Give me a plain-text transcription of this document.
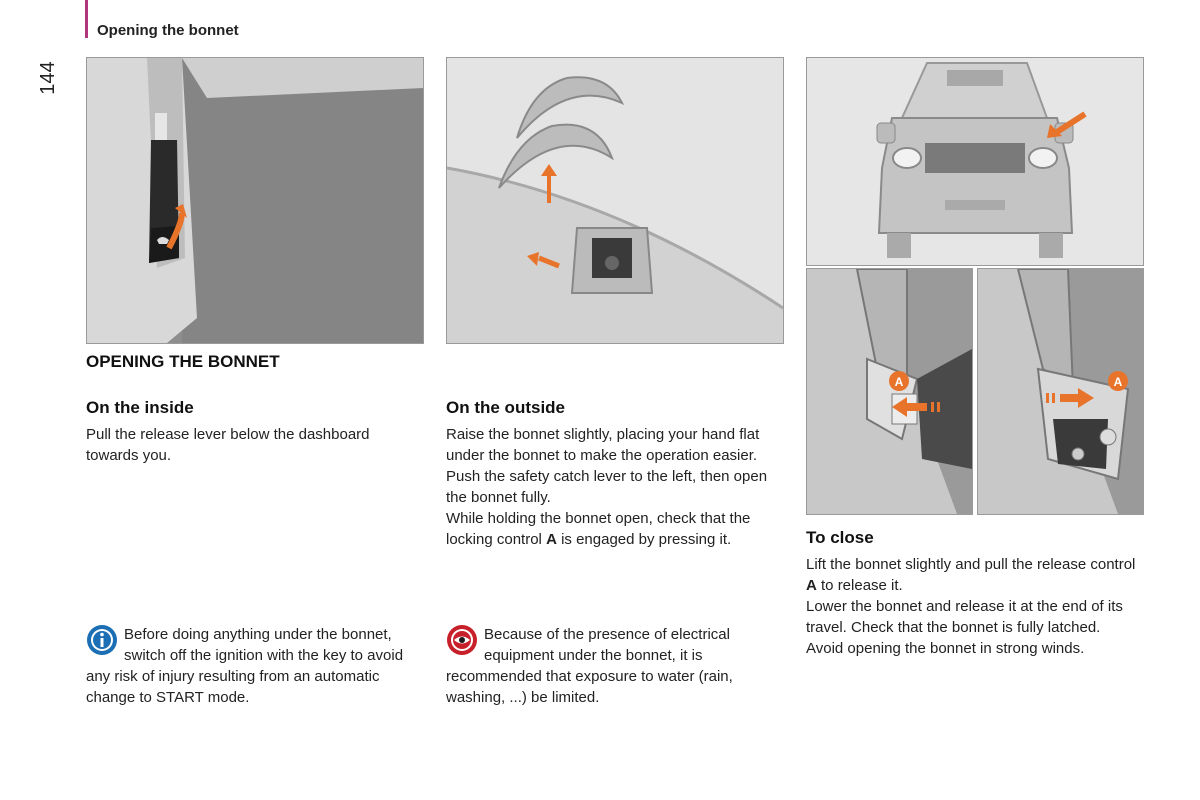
Opening the bonnet
144
A	A
OPENING THE BONNET
On the inside

Pull the release lever below the dashboard towards you.

On the outside

Raise the bonnet slightly, placing your hand flat under the bonnet to make the operation easier.

Push the safety catch lever to the left, then open the bonnet fully.

While holding the bonnet open, check that the locking control A is engaged by pressing it.	To close

Lift the bonnet slightly and pull the release control A to release it.

Lower the bonnet and release it at the end of its travel. Check that the bonnet is fully latched.

Avoid opening the bonnet in strong winds.

Before doing anything under the bonnet, switch off the ignition with the key to avoid any risk of injury resulting from an automatic change to START mode.
Because of the presence of electrical equipment under the bonnet, it is recommended that exposure to water (rain, washing, ...) be limited.
